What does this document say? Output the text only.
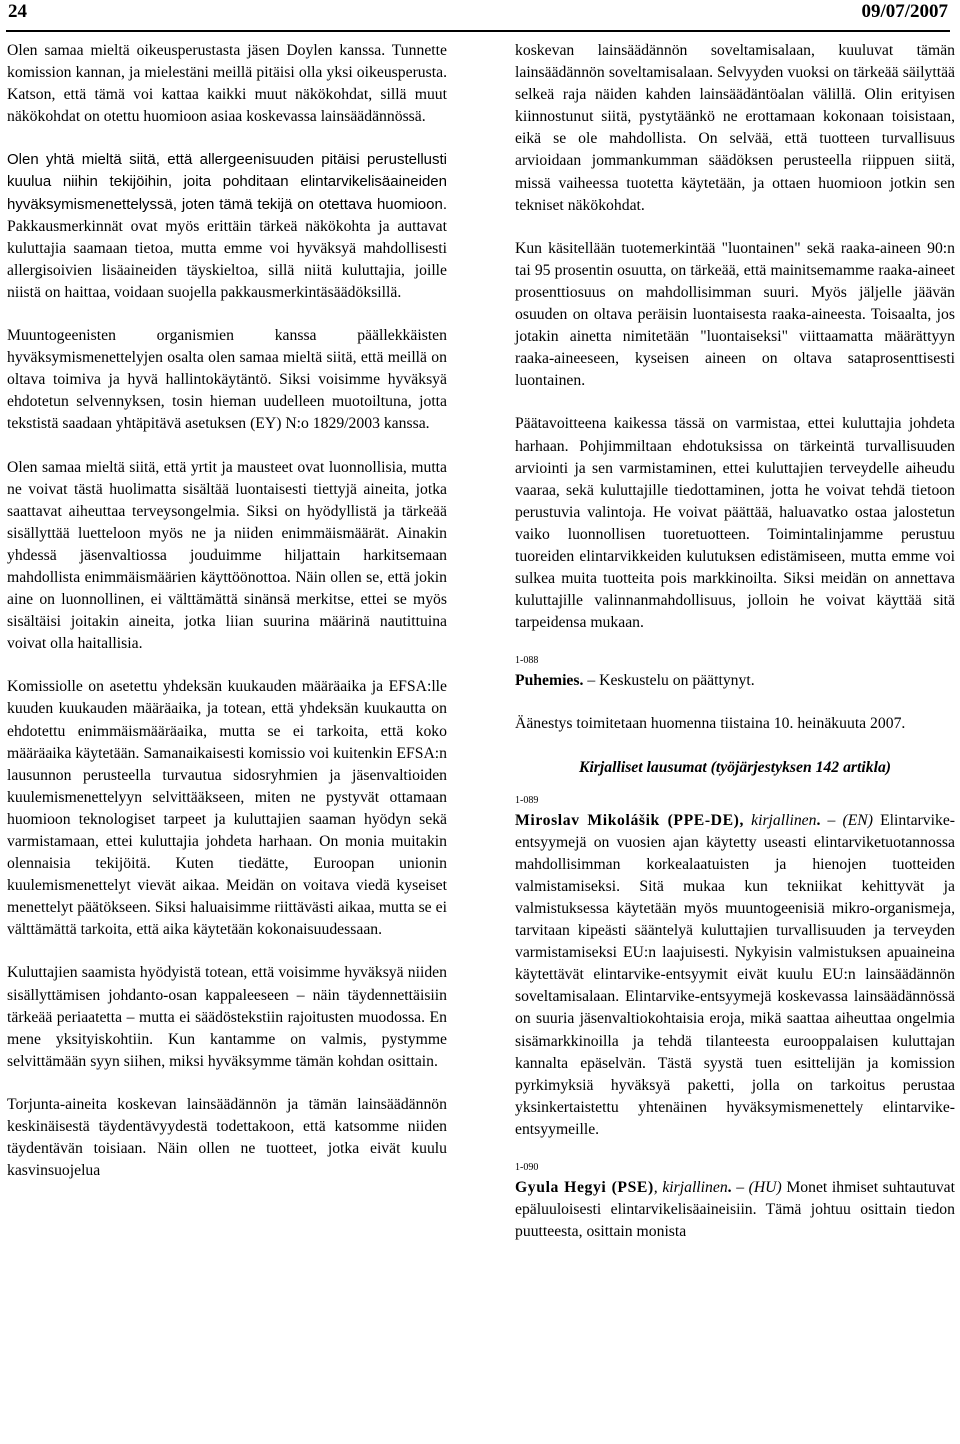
24	09/07/2007

Olen samaa mieltä oikeusperustasta jäsen Doylen kanssa. Tunnette komission kannan, ja mielestäni meillä pitäisi olla yksi oikeusperusta. Katson, että tämä voi kattaa kaikki muut näkökohdat, sillä muut näkökohdat on otettu huomioon asiaa koskevassa lainsäädännössä.

Olen yhtä mieltä siitä, että allergeenisuuden pitäisi perustellusti kuulua niihin tekijöihin, joita pohditaan elintarvikelisäaineiden hyväksymismenettelyssä, joten tämä tekijä on otettava huomioon. Pakkausmerkinnät ovat myös erittäin tärkeä näkökohta ja auttavat kuluttajia saamaan tietoa, mutta emme voi hyväksyä mahdollisesti allergisoivien lisäaineiden täyskieltoa, sillä niitä kuluttajia, joille niistä on haittaa, voidaan suojella pakkausmerkintäsäädöksillä.

Muuntogeenisten organismien kanssa päällekkäisten hyväksymismenettelyjen osalta olen samaa mieltä siitä, että meillä on oltava toimiva ja hyvä hallintokäytäntö. Siksi voisimme hyväksyä ehdotetun selvennyksen, tosin hieman uudelleen muotoiltuna, jotta tekstistä saadaan yhtäpitävä asetuksen (EY) N:o 1829/2003 kanssa.

Olen samaa mieltä siitä, että yrtit ja mausteet ovat luonnollisia, mutta ne voivat tästä huolimatta sisältää luontaisesti tiettyjä aineita, jotka saattavat aiheuttaa terveysongelmia. Siksi on hyödyllistä ja tärkeää sisällyttää luetteloon myös ne ja niiden enimmäismäärät. Ainakin yhdessä jäsenvaltiossa jouduimme hiljattain harkitsemaan mahdollista enimmäismäärien käyttöönottoa. Näin ollen se, että jokin aine on luonnollinen, ei välttämättä sinänsä merkitse, ettei se myös sisältäisi joitakin aineita, jotka liian suurina määrinä nautittuina voivat olla haitallisia.

Komissiolle on asetettu yhdeksän kuukauden määräaika ja EFSA:lle kuuden kuukauden määräaika, ja totean, että yhdeksän kuukautta on ehdotettu enimmäismääräaika, mutta se ei tarkoita, että koko määräaika käytetään. Samanaikaisesti komissio voi kuitenkin EFSA:n lausunnon perusteella turvautua sidosryhmien ja jäsenvaltioiden kuulemismenettelyyn selvittääkseen, miten ne pystyvät ottamaan huomioon teknologiset tarpeet ja kuluttajien saaman hyödyn sekä varmistamaan, ettei kuluttajia johdeta harhaan. On monia muitakin olennaisia tekijöitä. Kuten tiedätte, Euroopan unionin kuulemismenettelyt vievät aikaa. Meidän on voitava viedä kyseiset menettelyt päätökseen. Siksi haluaisimme riittävästi aikaa, mutta se ei välttämättä tarkoita, että aika käytetään kokonaisuudessaan.

Kuluttajien saamista hyödyistä totean, että voisimme hyväksyä niiden sisällyttämisen johdanto-osan kappaleeseen – näin täydennettäisiin tärkeää periaatetta – mutta ei säädöstekstiin rajoitusten muodossa. En mene yksityiskohtiin. Kun kantamme on valmis, pystymme selvittämään syyn siihen, miksi hyväksymme tämän kohdan osittain.

Torjunta-aineita koskevan lainsäädännön ja tämän lainsäädännön keskinäisestä täydentävyydestä todettakoon, että katsomme niiden täydentävän toisiaan. Näin ollen ne tuotteet, jotka eivät kuulu kasvinsuojelua

koskevan lainsäädännön soveltamisalaan, kuuluvat tämän lainsäädännön soveltamisalaan. Selvyyden vuoksi on tärkeää säilyttää selkeä raja näiden kahden lainsäädäntöalan välillä. Olin erityisen kiinnostunut siitä, pystytäänkö ne erottamaan kokonaan toisistaan, eikä se ole mahdollista. On selvää, että tuotteen turvallisuus arvioidaan jommankumman säädöksen perusteella riippuen siitä, missä vaiheessa tuotetta käytetään, ja ottaen huomioon jotkin sen tekniset näkökohdat.

Kun käsitellään tuotemerkintää "luontainen" sekä raaka-aineen 90:n tai 95 prosentin osuutta, on tärkeää, että mainitsemamme raaka-aineet prosenttiosuus on mahdollisimman suuri. Myös jäljelle jäävän osuuden on oltava peräisin luontaisesta raaka-aineesta. Toisaalta, jos jotakin ainetta nimitetään "luontaiseksi" viittaamatta määrättyyn raaka-aineeseen, kyseisen aineen on oltava sataprosenttisesti luontainen.

Päätavoitteena kaikessa tässä on varmistaa, ettei kuluttajia johdeta harhaan. Pohjimmiltaan ehdotuksissa on tärkeintä turvallisuuden arviointi ja sen varmistaminen, ettei kuluttajien terveydelle aiheudu vaaraa, sekä kuluttajille tiedottaminen, jotta he voivat tehdä tietoon perustuvia valintoja. He voivat päättää, haluavatko ostaa jalostetun vaiko luonnollisen tuoretuotteen. Toimintalinjamme perustuu tuoreiden elintarvikkeiden kulutuksen edistämiseen, mutta emme voi sulkea muita tuotteita pois markkinoilta. Siksi meidän on annettava kuluttajille valinnanmahdollisuus, jolloin he voivat käyttää sitä tarpeidensa mukaan.

1-088

Puhemies. – Keskustelu on päättynyt.

Äänestys toimitetaan huomenna tiistaina 10. heinäkuuta 2007.

Kirjalliset lausumat (työjärjestyksen 142 artikla)

1-089

Miroslav Mikolášik (PPE-DE), kirjallinen. – (EN) Elintarvike-entsyymejä on vuosien ajan käytetty useasti elintarviketuotannossa mahdollisimman korkealaatuisten ja hienojen tuotteiden valmistamiseksi. Sitä mukaa kun tekniikat kehittyvät ja valmistuksessa käytetään myös muuntogeenisiä mikro-organismeja, tarvitaan kipeästi sääntelyä kuluttajien turvallisuuden ja terveyden varmistamiseksi EU:n laajuisesti. Nykyisin valmistuksen apuaineina käytettävät elintarvike-entsyymit eivät kuulu EU:n lainsäädännön soveltamisalaan. Elintarvike-entsyymejä koskevassa lainsäädännössä on suuria jäsenvaltiokohtaisia eroja, mikä saattaa aiheuttaa ongelmia sisämarkkinoilla ja tehdä tilanteesta eurooppalaisen kuluttajan kannalta epäselvän. Tästä syystä tuen esittelijän ja komission pyrkimyksiä hyväksyä paketti, jolla on tarkoitus perustaa yksinkertaistettu yhtenäinen hyväksymismenettely elintarvike-entsyymeille.

1-090

Gyula Hegyi (PSE), kirjallinen. – (HU) Monet ihmiset suhtautuvat epäluuloisesti elintarvikelisäaineisiin. Tämä johtuu osittain tiedon puutteesta, osittain monista
